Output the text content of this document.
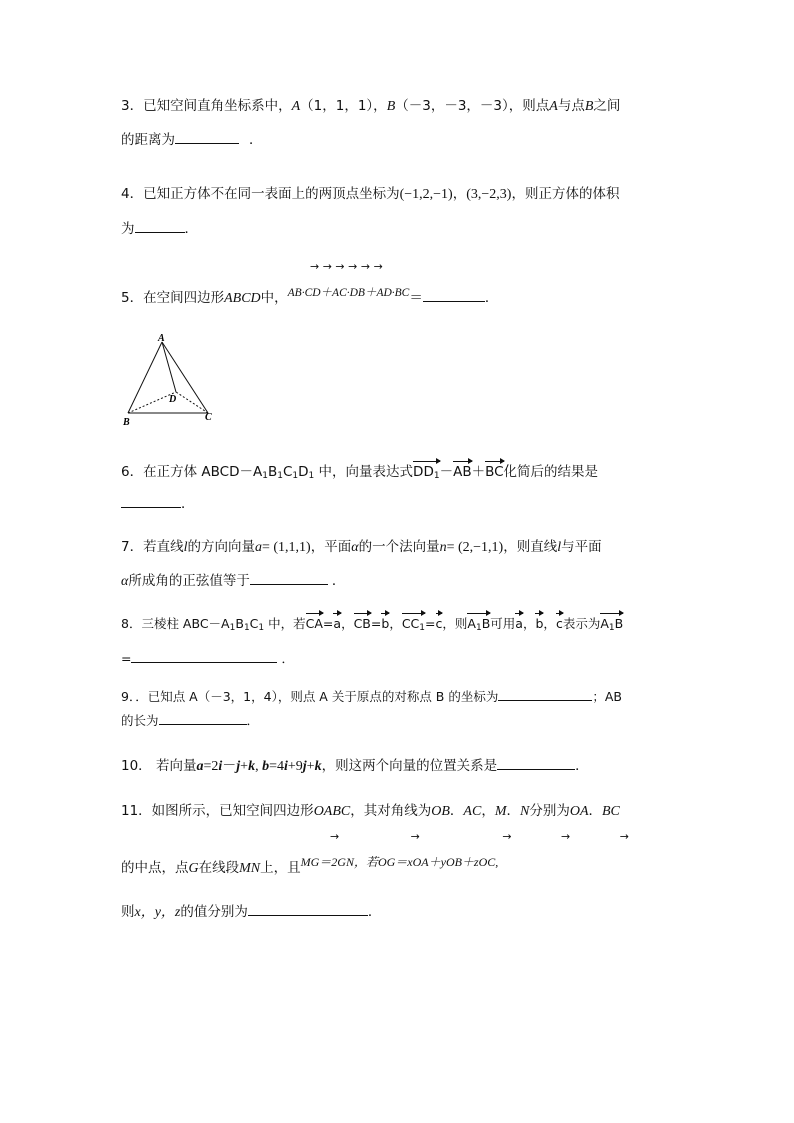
3．已知空间直角坐标系中，A（1，1，1），B（－3，－3，－3），则点A与点B之间
的距离为	．
4．已知正方体不在同一表面上的两顶点坐标为(−1,2,−1)，(3,−2,3)，则正方体的体积
为	．
→ → → → → →
5．在空间四边形ABCD中，AB·CD＋AC·DB＋AD·BC＝	．
A
B	C
D
6．在正方体 $ABCD-A_1B_1C_1D_1$ 中，向量表达式$DD_1-AB+BC$化简后的结果是
．
7．若直线l的方向向量a= (1,1,1)，平面α的一个法向量n= (2,−1,1)，则直线l与平面
α所成角的正弦值等于	．
8．三棱柱 $ABC-A_1B_1C_1$ 中，若CA=a，CB=b，$CC_1=c$，则$A_1B$可用a，b，c表示为$A_1B$
=	．
9．．已知点 A（－3，1，4），则点 A 关于原点的对称点 B 的坐标为	；AB
的长为	．
10． 若向量a=2i－j+k, b=4i+9j+k，则这两个向量的位置关系是	．
11．如图所示，已知空间四边形OABC，其对角线为OB．AC，M．N分别为OA．BC
→             →               →         →         →
的中点，点G在线段MN上，且MG＝2GN，若OG＝xOA＋yOB＋zOC,
则x，y，z的值分别为	．
